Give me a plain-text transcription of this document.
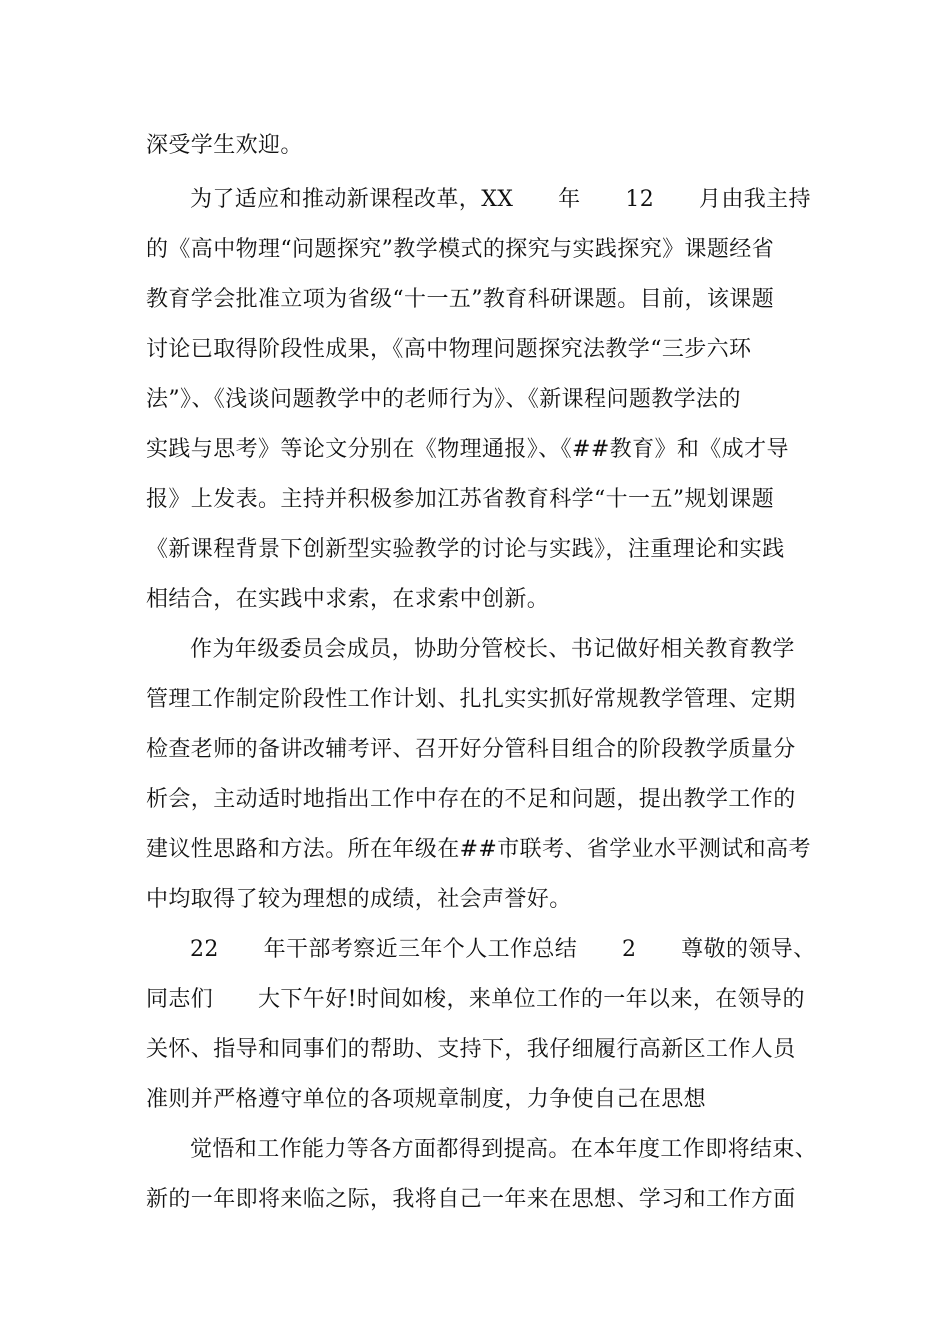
深受学生欢迎。
为了适应和推动新课程改革，XX　　年　　12　　月由我主持
的《高中物理“问题探究”教学模式的探究与实践探究》课题经省
教育学会批准立项为省级“十一五”教育科研课题。目前，该课题
讨论已取得阶段性成果，《高中物理问题探究法教学“三步六环
法”》、《浅谈问题教学中的老师行为》、《新课程问题教学法的
实践与思考》等论文分别在《物理通报》、《##教育》和《成才导
报》上发表。主持并积极参加江苏省教育科学“十一五”规划课题
《新课程背景下创新型实验教学的讨论与实践》，注重理论和实践
相结合，在实践中求索，在求索中创新。
作为年级委员会成员，协助分管校长、书记做好相关教育教学
管理工作制定阶段性工作计划、扎扎实实抓好常规教学管理、定期
检查老师的备讲改辅考评、召开好分管科目组合的阶段教学质量分
析会，主动适时地指出工作中存在的不足和问题，提出教学工作的
建议性思路和方法。所在年级在##市联考、省学业水平测试和高考
中均取得了较为理想的成绩，社会声誉好。
22　　年干部考察近三年个人工作总结　　2　　尊敬的领导、
同志们　　大下午好!时间如梭，来单位工作的一年以来，在领导的
关怀、指导和同事们的帮助、支持下，我仔细履行高新区工作人员
准则并严格遵守单位的各项规章制度，力争使自己在思想
觉悟和工作能力等各方面都得到提高。在本年度工作即将结束、
新的一年即将来临之际，我将自己一年来在思想、学习和工作方面
